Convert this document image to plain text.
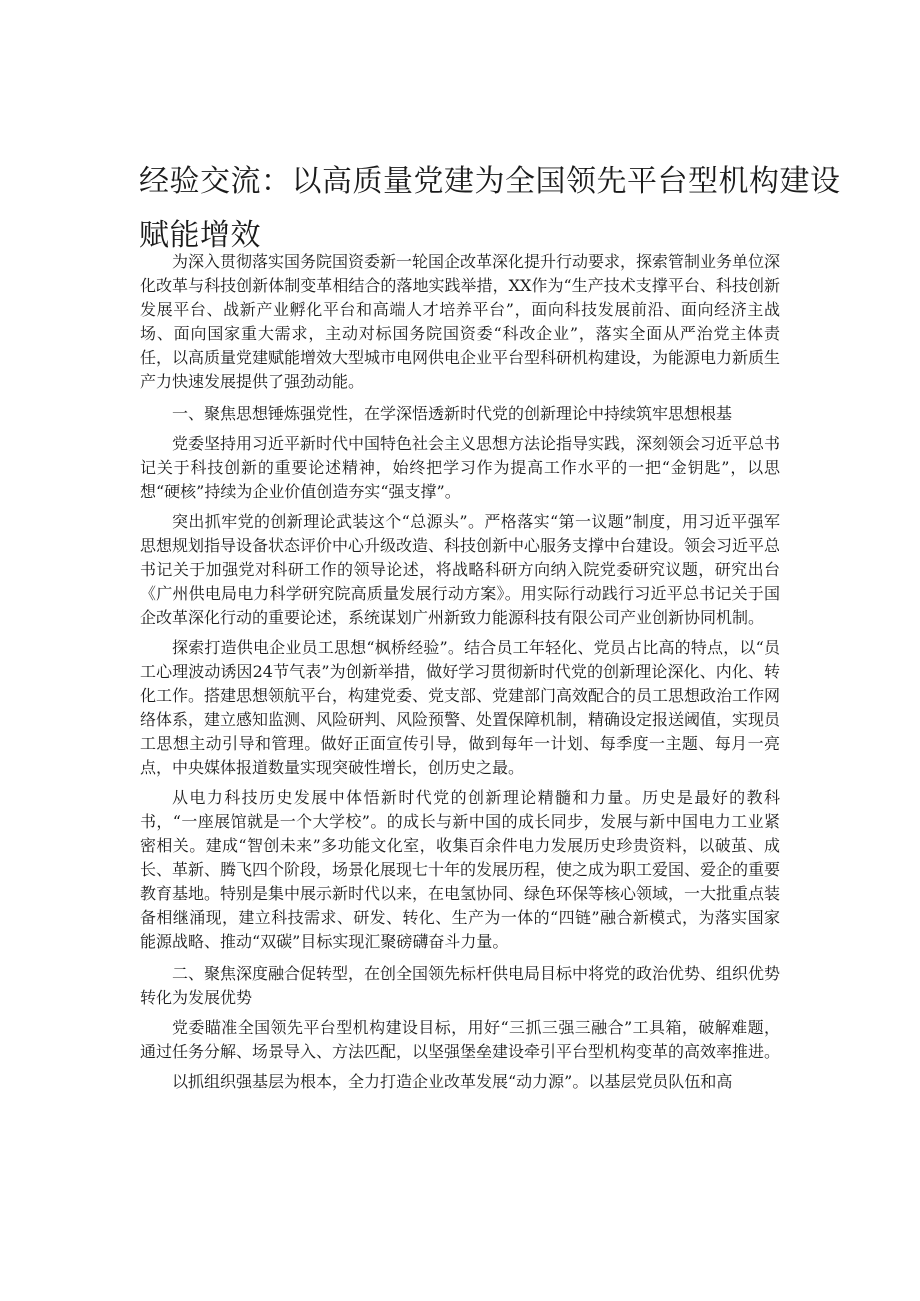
经验交流：以高质量党建为全国领先平台型机构建设
赋能增效

为深入贯彻落实国务院国资委新一轮国企改革深化提升行动要求，探索管制业务单位深化改革与科技创新体制变革相结合的落地实践举措，XX作为“生产技术支撑平台、科技创新发展平台、战新产业孵化平台和高端人才培养平台”，面向科技发展前沿、面向经济主战场、面向国家重大需求，主动对标国务院国资委“科改企业”，落实全面从严治党主体责任，以高质量党建赋能增效大型城市电网供电企业平台型科研机构建设，为能源电力新质生产力快速发展提供了强劲动能。

一、聚焦思想锤炼强党性，在学深悟透新时代党的创新理论中持续筑牢思想根基

党委坚持用习近平新时代中国特色社会主义思想方法论指导实践，深刻领会习近平总书记关于科技创新的重要论述精神，始终把学习作为提高工作水平的一把“金钥匙”，以思想“硬核”持续为企业价值创造夯实“强支撑”。

突出抓牢党的创新理论武装这个“总源头”。严格落实“第一议题”制度，用习近平强军思想规划指导设备状态评价中心升级改造、科技创新中心服务支撑中台建设。领会习近平总书记关于加强党对科研工作的领导论述，将战略科研方向纳入院党委研究议题，研究出台《广州供电局电力科学研究院高质量发展行动方案》。用实际行动践行习近平总书记关于国企改革深化行动的重要论述，系统谋划广州新致力能源科技有限公司产业创新协同机制。

探索打造供电企业员工思想“枫桥经验”。结合员工年轻化、党员占比高的特点，以“员工心理波动诱因24节气表”为创新举措，做好学习贯彻新时代党的创新理论深化、内化、转化工作。搭建思想领航平台，构建党委、党支部、党建部门高效配合的员工思想政治工作网络体系，建立感知监测、风险研判、风险预警、处置保障机制，精确设定报送阈值，实现员工思想主动引导和管理。做好正面宣传引导，做到每年一计划、每季度一主题、每月一亮点，中央媒体报道数量实现突破性增长，创历史之最。

从电力科技历史发展中体悟新时代党的创新理论精髓和力量。历史是最好的教科书，“一座展馆就是一个大学校”。的成长与新中国的成长同步，发展与新中国电力工业紧密相关。建成“智创未来”多功能文化室，收集百余件电力发展历史珍贵资料，以破茧、成长、革新、腾飞四个阶段，场景化展现七十年的发展历程，使之成为职工爱国、爱企的重要教育基地。特别是集中展示新时代以来，在电氢协同、绿色环保等核心领域，一大批重点装备相继涌现，建立科技需求、研发、转化、生产为一体的“四链”融合新模式，为落实国家能源战略、推动“双碳”目标实现汇聚磅礴奋斗力量。

二、聚焦深度融合促转型，在创全国领先标杆供电局目标中将党的政治优势、组织优势转化为发展优势

党委瞄准全国领先平台型机构建设目标，用好“三抓三强三融合”工具箱，破解难题，通过任务分解、场景导入、方法匹配，以坚强堡垒建设牵引平台型机构变革的高效率推进。

以抓组织强基层为根本，全力打造企业改革发展“动力源”。以基层党员队伍和高
